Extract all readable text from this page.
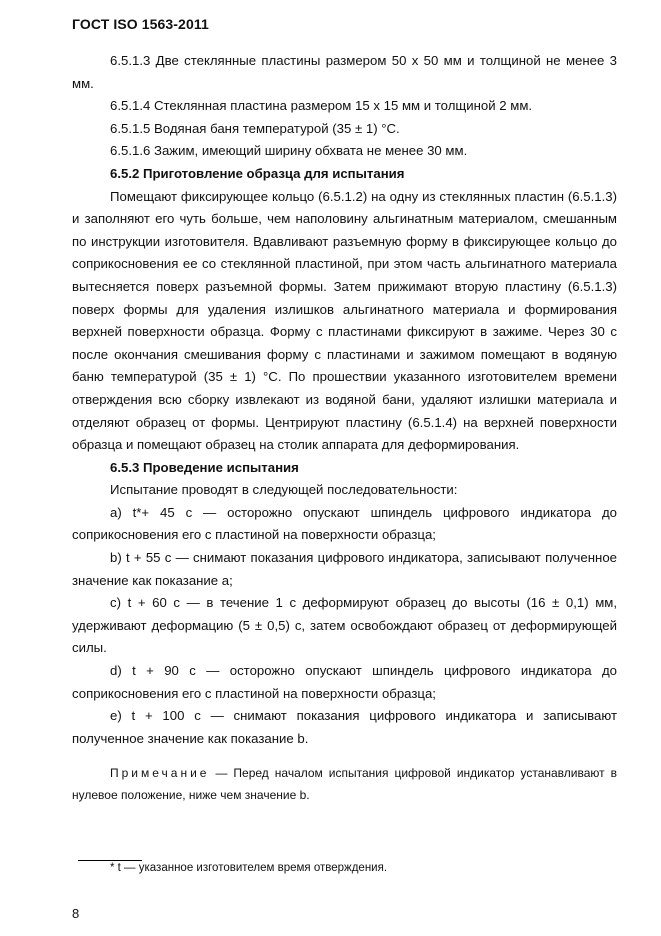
ГОСТ ISO 1563-2011

6.5.1.3 Две стеклянные пластины размером 50 х 50 мм и толщиной не менее 3 мм.

6.5.1.4 Стеклянная пластина размером 15 х 15 мм и толщиной 2 мм.

6.5.1.5 Водяная баня температурой (35 ± 1) °С.

6.5.1.6 Зажим, имеющий ширину обхвата не менее 30 мм.

6.5.2 Приготовление образца для испытания

Помещают фиксирующее кольцо (6.5.1.2) на одну из стеклянных пластин (6.5.1.3) и заполняют его чуть больше, чем наполовину альгинатным материалом, смешанным по инструкции изготовителя. Вдавливают разъемную форму в фиксирующее кольцо до соприкосновения ее со стеклянной пластиной, при этом часть альгинатного материала вытесняется поверх разъемной формы. Затем прижимают вторую пластину (6.5.1.3) поверх формы для удаления излишков альгинатного материала и формирования верхней поверхности образца. Форму с пластинами фиксируют в зажиме. Через 30 с после окончания смешивания форму с пластинами и зажимом помещают в водяную баню температурой (35 ± 1) °С. По прошествии указанного изготовителем времени отверждения всю сборку извлекают из водяной бани, удаляют излишки материала и отделяют образец от формы. Центрируют пластину (6.5.1.4) на верхней поверхности образца и помещают образец на столик аппарата для деформирования.

6.5.3 Проведение испытания

Испытание проводят в следующей последовательности:

а) t*+ 45 с — осторожно опускают шпиндель цифрового индикатора до соприкосновения его с пластиной на поверхности образца;

b) t + 55 с — снимают показания цифрового индикатора, записывают полученное значение как показание а;

с) t + 60 с — в течение 1 с деформируют образец до высоты (16 ± 0,1) мм, удерживают деформацию (5 ± 0,5) с, затем освобождают образец от деформирующей силы.

d) t + 90 с — осторожно опускают шпиндель цифрового индикатора до соприкосновения его с пластиной на поверхности образца;

е) t + 100 с — снимают показания цифрового индикатора и записывают полученное значение как показание b.

Примечание — Перед началом испытания цифровой индикатор устанавливают в нулевое положение, ниже чем значение b.

* t — указанное изготовителем время отверждения.
8
